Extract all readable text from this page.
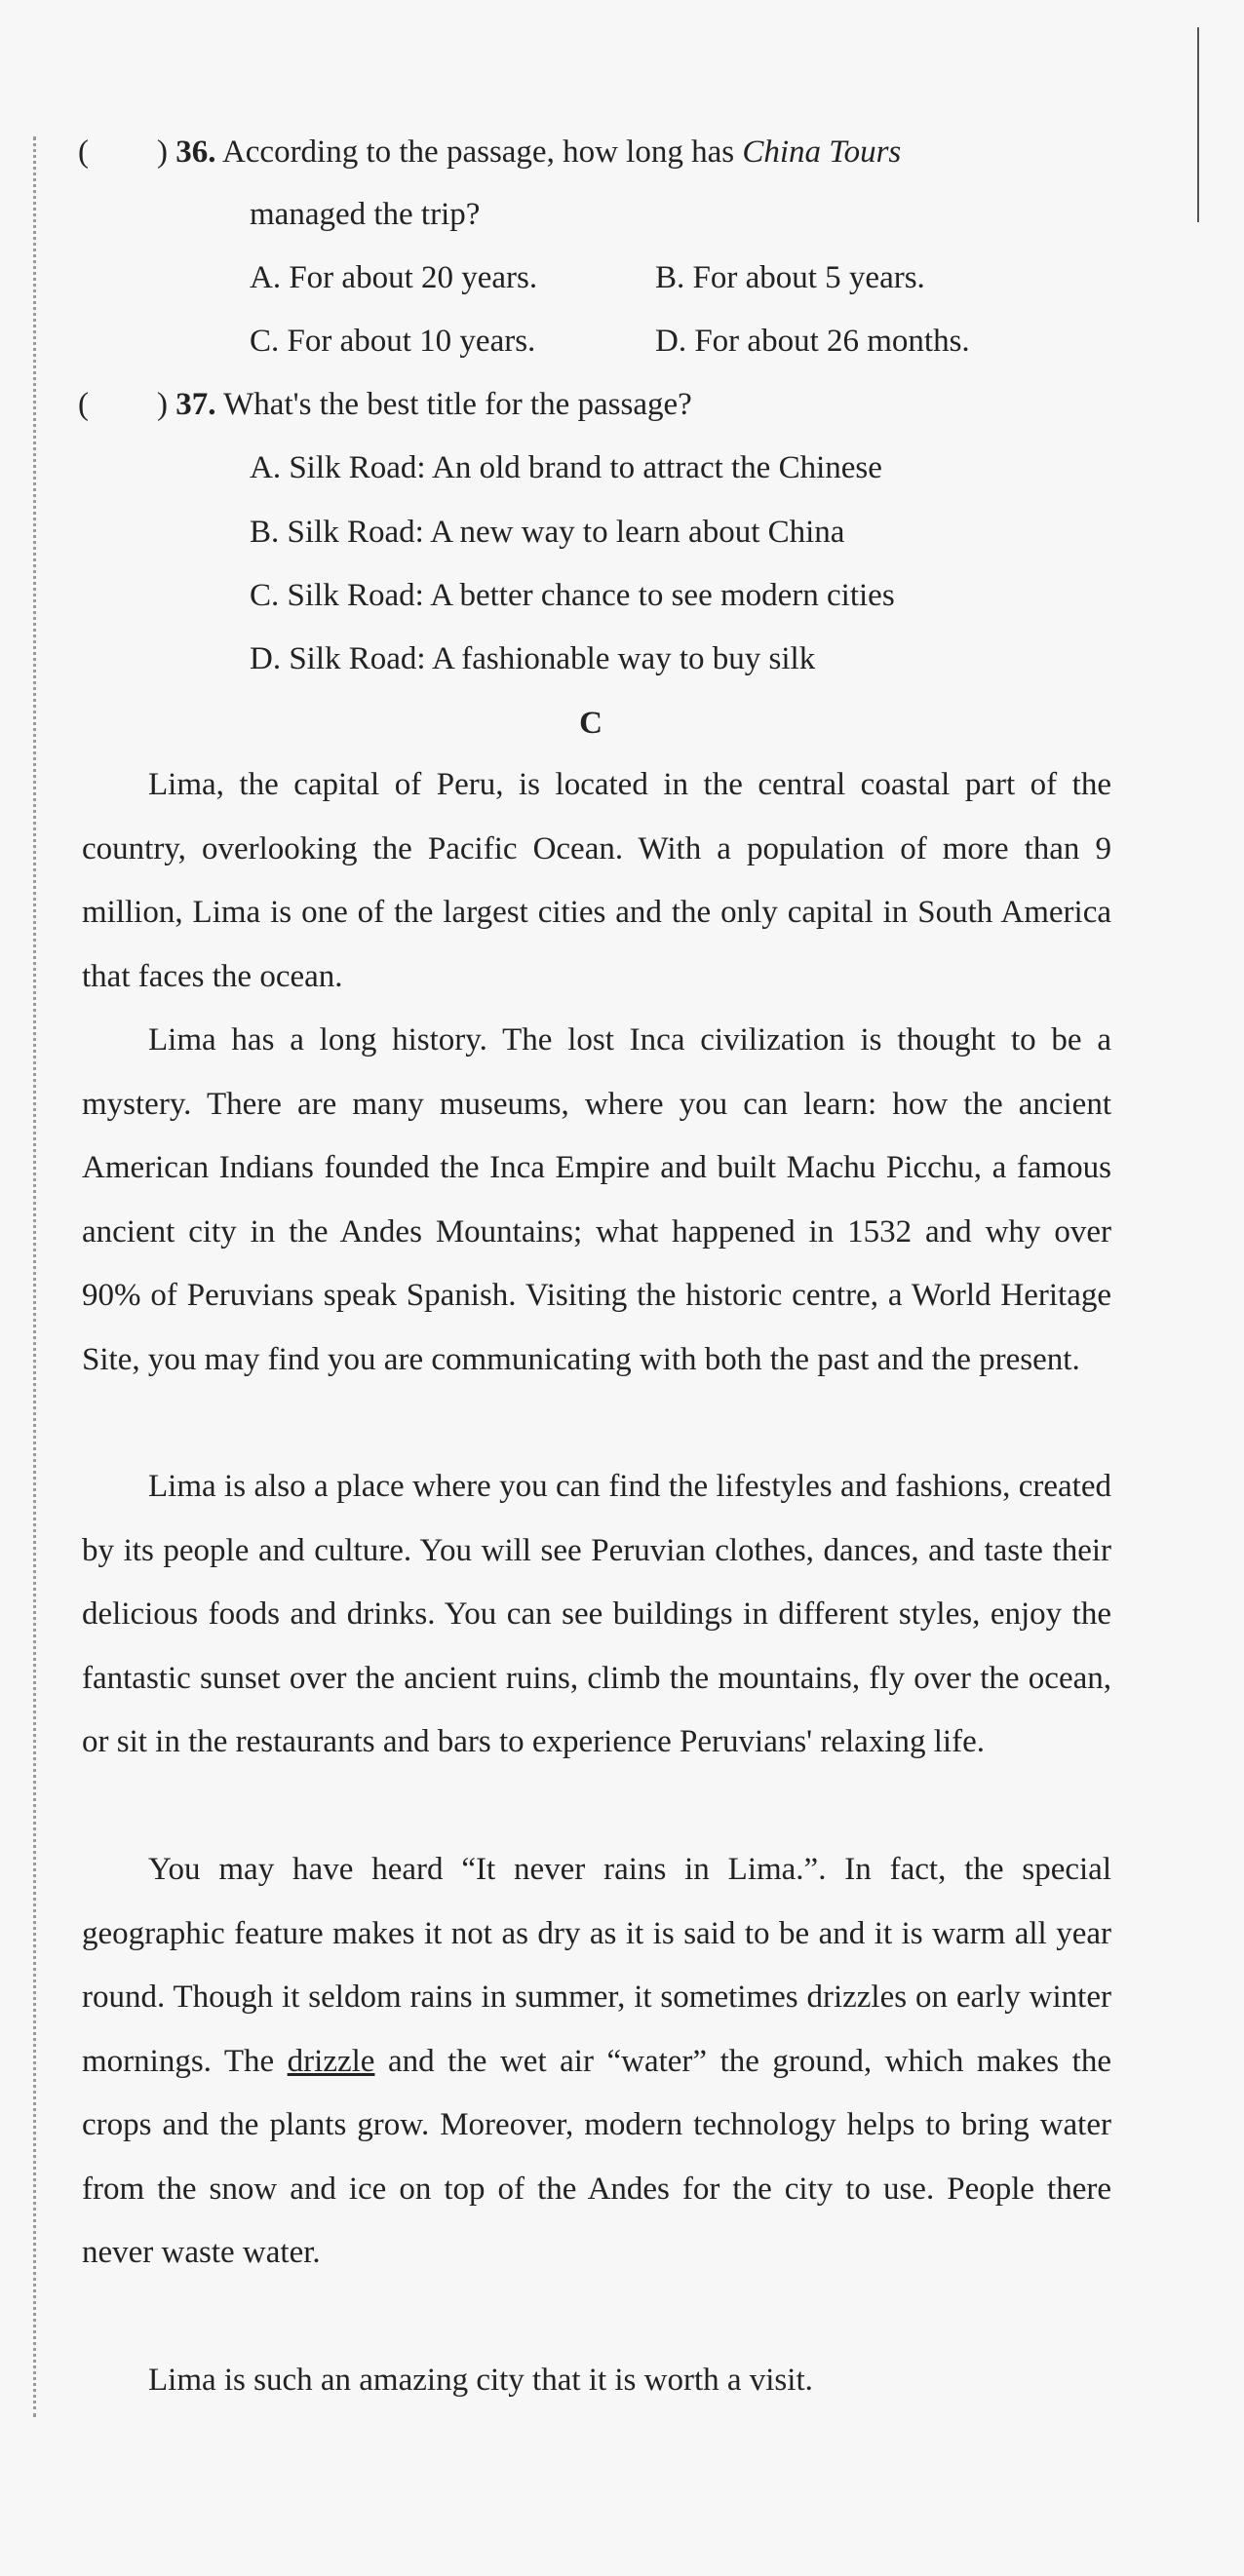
( ) 36. According to the passage, how long has China Tours
managed the trip?
A. For about 20 years.	B. For about 5 years.
C. For about 10 years.	D. For about 26 months.
( ) 37. What's the best title for the passage?
A. Silk Road: An old brand to attract the Chinese
B. Silk Road: A new way to learn about China
C. Silk Road: A better chance to see modern cities
D. Silk Road: A fashionable way to buy silk
C

Lima, the capital of Peru, is located in the central coastal part of the country, overlooking the Pacific Ocean. With a population of more than 9 million, Lima is one of the largest cities and the only capital in South America that faces the ocean.

Lima has a long history. The lost Inca civilization is thought to be a mystery. There are many museums, where you can learn: how the ancient American Indians founded the Inca Empire and built Machu Picchu, a famous ancient city in the Andes Mountains; what happened in 1532 and why over 90% of Peruvians speak Spanish. Visiting the historic centre, a World Heritage Site, you may find you are communicating with both the past and the present.

Lima is also a place where you can find the lifestyles and fashions, created by its people and culture. You will see Peruvian clothes, dances, and taste their delicious foods and drinks. You can see buildings in different styles, enjoy the fantastic sunset over the ancient ruins, climb the mountains, fly over the ocean, or sit in the restaurants and bars to experience Peruvians' relaxing life.

You may have heard “It never rains in Lima.”. In fact, the special geographic feature makes it not as dry as it is said to be and it is warm all year round. Though it seldom rains in summer, it sometimes drizzles on early winter mornings. The drizzle and the wet air “water” the ground, which makes the crops and the plants grow. Moreover, modern technology helps to bring water from the snow and ice on top of the Andes for the city to use. People there never waste water.

Lima is such an amazing city that it is worth a visit.
